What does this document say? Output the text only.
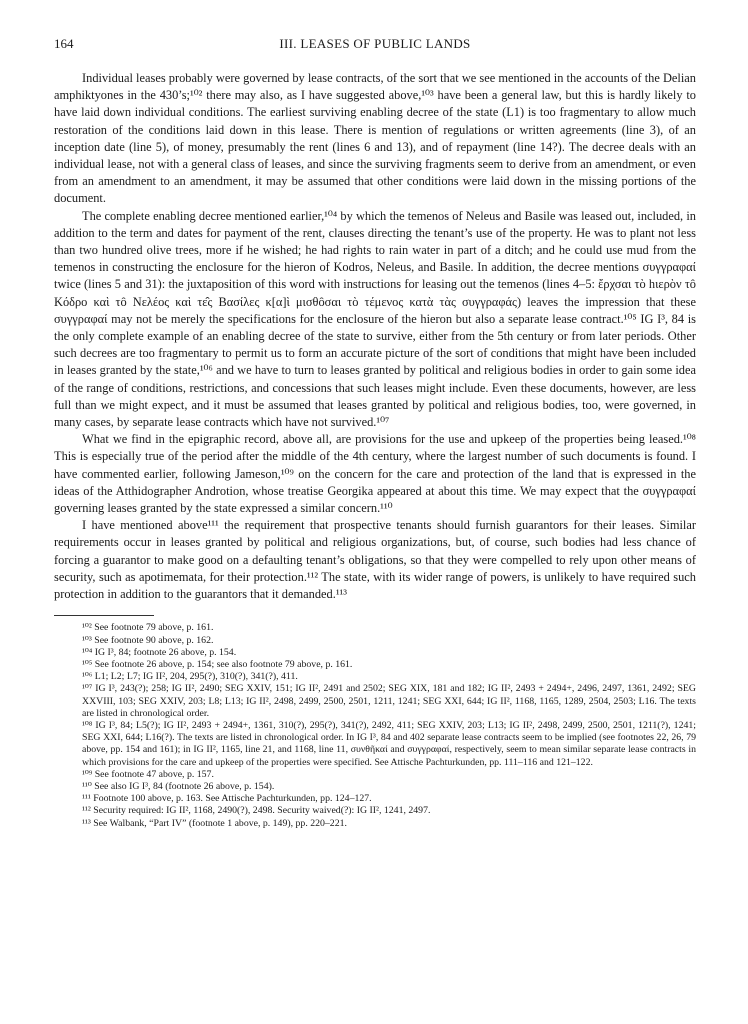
164	III. LEASES OF PUBLIC LANDS

Individual leases probably were governed by lease contracts, of the sort that we see mentioned in the accounts of the Delian amphiktyones in the 430’s;¹⁰² there may also, as I have suggested above,¹⁰³ have been a general law, but this is hardly likely to have laid down individual conditions. The earliest surviving enabling decree of the state (L1) is too fragmentary to allow much restoration of the conditions laid down in this lease. There is mention of regulations or written agreements (line 3), of an inception date (line 5), of money, presumably the rent (lines 6 and 13), and of repayment (line 14?). The decree deals with an individual lease, not with a general class of leases, and since the surviving fragments seem to derive from an amendment, or even from an amendment to an amendment, it may be assumed that other conditions were laid down in the missing portions of the document.

The complete enabling decree mentioned earlier,¹⁰⁴ by which the temenos of Neleus and Basile was leased out, included, in addition to the term and dates for payment of the rent, clauses directing the tenant’s use of the property. He was to plant not less than two hundred olive trees, more if he wished; he had rights to rain water in part of a ditch; and he could use mud from the temenos in constructing the enclosure for the hieron of Kodros, Neleus, and Basile. In addition, the decree mentions συγγραφαί twice (lines 5 and 31): the juxtaposition of this word with instructions for leasing out the temenos (lines 4–5: ἔρχσαι τὸ hιερὸν τô Κόδρο καὶ τô Νελέος καὶ τε̂ς Βασίλες κ[α]ὶ μισθôσαι τὸ τέμενος κατὰ τὰς συγγραφάς) leaves the impression that these συγγραφαί may not be merely the specifications for the enclosure of the hieron but also a separate lease contract.¹⁰⁵ IG I³, 84 is the only complete example of an enabling decree of the state to survive, either from the 5th century or from later periods. Other such decrees are too fragmentary to permit us to form an accurate picture of the sort of conditions that might have been included in leases granted by the state,¹⁰⁶ and we have to turn to leases granted by political and religious bodies in order to gain some idea of the range of conditions, restrictions, and concessions that such leases might include. Even these documents, however, are less full than we might expect, and it must be assumed that leases granted by political and religious bodies, too, were governed, in many cases, by separate lease contracts which have not survived.¹⁰⁷

What we find in the epigraphic record, above all, are provisions for the use and upkeep of the properties being leased.¹⁰⁸ This is especially true of the period after the middle of the 4th century, where the largest number of such documents is found. I have commented earlier, following Jameson,¹⁰⁹ on the concern for the care and protection of the land that is expressed in the ideas of the Atthidographer Androtion, whose treatise Georgika appeared at about this time. We may expect that the συγγραφαί governing leases granted by the state expressed a similar concern.¹¹⁰

I have mentioned above¹¹¹ the requirement that prospective tenants should furnish guarantors for their leases. Similar requirements occur in leases granted by political and religious organizations, but, of course, such bodies had less chance of forcing a guarantor to make good on a defaulting tenant’s obligations, so that they were compelled to rely upon other means of security, such as apotimemata, for their protection.¹¹² The state, with its wider range of powers, is unlikely to have required such protection in addition to the guarantors that it demanded.¹¹³

¹⁰² See footnote 79 above, p. 161.

¹⁰³ See footnote 90 above, p. 162.

¹⁰⁴ IG I³, 84; footnote 26 above, p. 154.

¹⁰⁵ See footnote 26 above, p. 154; see also footnote 79 above, p. 161.

¹⁰⁶ L1; L2; L7; IG II², 204, 295(?), 310(?), 341(?), 411.

¹⁰⁷ IG I³, 243(?); 258; IG II², 2490; SEG XXIV, 151; IG II², 2491 and 2502; SEG XIX, 181 and 182; IG II², 2493 + 2494+, 2496, 2497, 1361, 2492; SEG XXVIII, 103; SEG XXIV, 203; L8; L13; IG II², 2498, 2499, 2500, 2501, 1211, 1241; SEG XXI, 644; IG II², 1168, 1165, 1289, 2504, 2503; L16. The texts are listed in chronological order.

¹⁰⁸ IG I³, 84; L5(?); IG II², 2493 + 2494+, 1361, 310(?), 295(?), 341(?), 2492, 411; SEG XXIV, 203; L13; IG II², 2498, 2499, 2500, 2501, 1211(?), 1241; SEG XXI, 644; L16(?). The texts are listed in chronological order. In IG I³, 84 and 402 separate lease contracts seem to be implied (see footnotes 22, 26, 79 above, pp. 154 and 161); in IG II², 1165, line 21, and 1168, line 11, συνθῆκαί and συγγραφαί, respectively, seem to mean similar separate lease contracts in which provisions for the care and upkeep of the properties were specified. See Attische Pachturkunden, pp. 111–116 and 121–122.

¹⁰⁹ See footnote 47 above, p. 157.

¹¹⁰ See also IG I³, 84 (footnote 26 above, p. 154).

¹¹¹ Footnote 100 above, p. 163. See Attische Pachturkunden, pp. 124–127.

¹¹² Security required: IG II², 1168, 2490(?), 2498. Security waived(?): IG II², 1241, 2497.

¹¹³ See Walbank, “Part IV” (footnote 1 above, p. 149), pp. 220–221.
